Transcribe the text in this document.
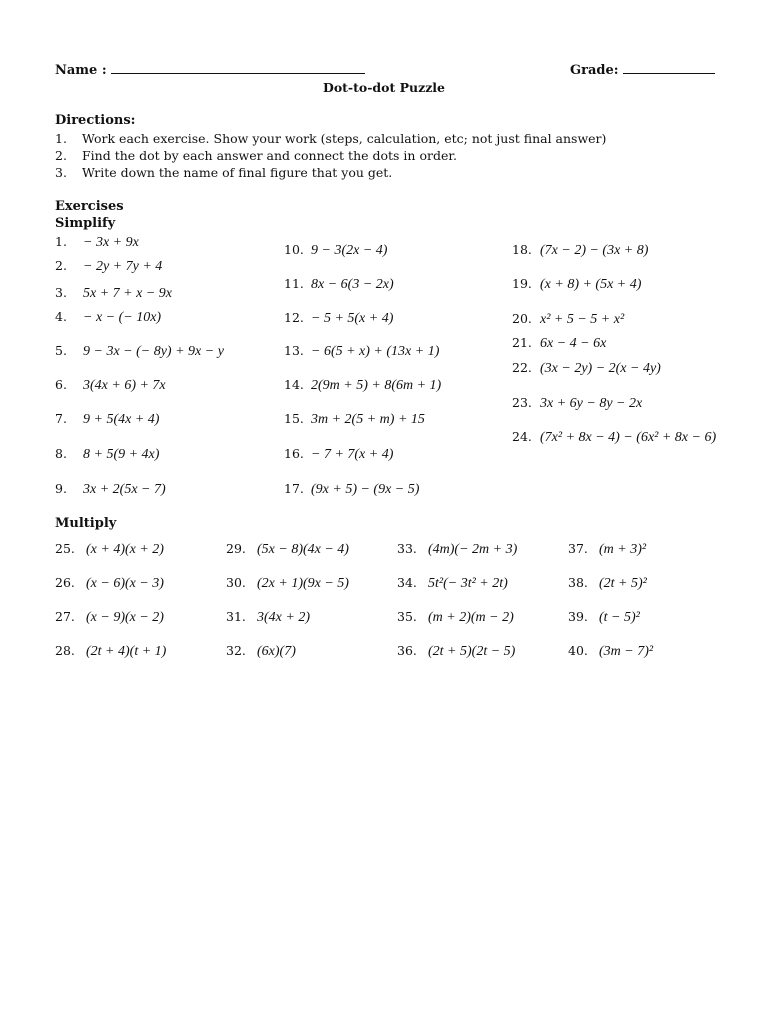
Name :	Grade:
Dot-to-dot Puzzle
Directions:
1. Work each exercise. Show your work (steps, calculation, etc; not just final answer)
2. Find the dot by each answer and connect the dots in order.
3. Write down the name of final figure that you get.
Exercises
Simplify
1. − 3x + 9x
2. − 2y + 7y + 4
3. 5x + 7 + x − 9x
4. − x − (− 10x)
5. 9 − 3x − (− 8y) + 9x − y
6. 3(4x + 6) + 7x
7. 9 + 5(4x + 4)
8. 8 + 5(9 + 4x)
9. 3x + 2(5x − 7)
10. 9 − 3(2x − 4)
11. 8x − 6(3 − 2x)
12. − 5 + 5(x + 4)
13. − 6(5 + x) + (13x + 1)
14. 2(9m + 5) + 8(6m + 1)
15. 3m + 2(5 + m) + 15
16. − 7 + 7(x + 4)
17. (9x + 5) − (9x − 5)
18. (7x − 2) − (3x + 8)
19. (x + 8) + (5x + 4)
20. x² + 5 − 5 + x²
21. 6x − 4 − 6x
22. (3x − 2y) − 2(x − 4y)
23. 3x + 6y − 8y − 2x
24. (7x² + 8x − 4) − (6x² + 8x − 6)
Multiply
25. (x + 4)(x + 2)
26. (x − 6)(x − 3)
27. (x − 9)(x − 2)
28. (2t + 4)(t + 1)
29. (5x − 8)(4x − 4)
30. (2x + 1)(9x − 5)
31. 3(4x + 2)
32. (6x)(7)
33. (4m)(− 2m + 3)
34. 5t²(− 3t² + 2t)
35. (m + 2)(m − 2)
36. (2t + 5)(2t − 5)
37. (m + 3)²
38. (2t + 5)²
39. (t − 5)²
40. (3m − 7)²
